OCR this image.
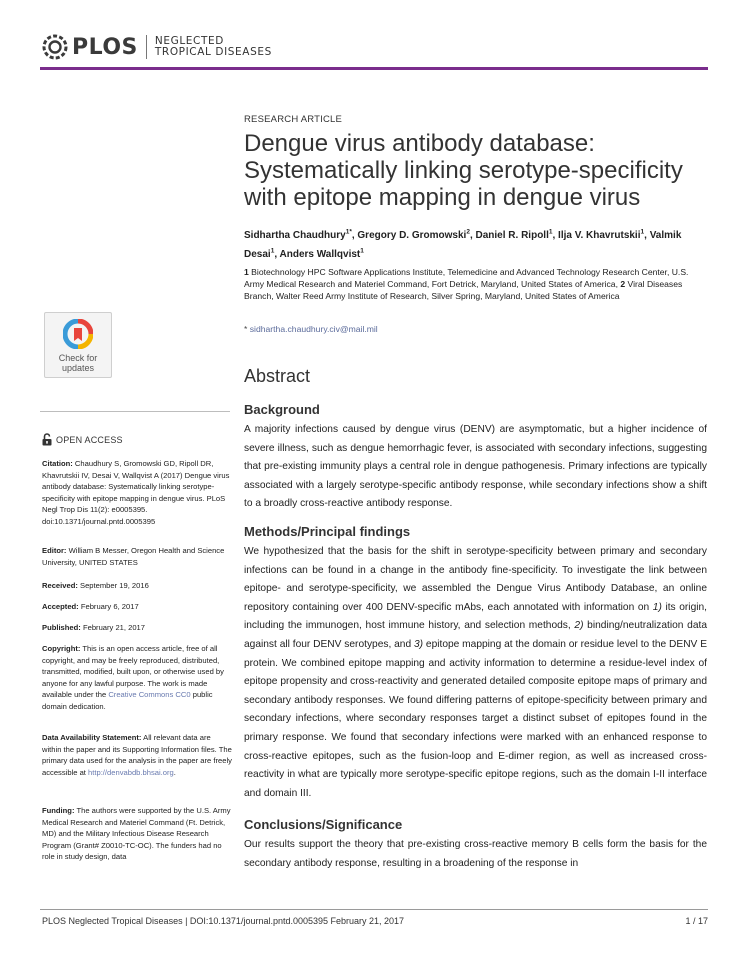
PLOS NEGLECTED
TROPICAL DISEASES
RESEARCH ARTICLE
Dengue virus antibody database: Systematically linking serotype-specificity with epitope mapping in dengue virus
Sidhartha Chaudhury$^{1*}$, Gregory D. Gromowski$^2$, Daniel R. Ripoll$^1$, Ilja V. Khavrutskii$^1$, Valmik Desai$^1$, Anders Wallqvist$^1$
1 Biotechnology HPC Software Applications Institute, Telemedicine and Advanced Technology Research Center, U.S. Army Medical Research and Materiel Command, Fort Detrick, Maryland, United States of America, 2 Viral Diseases Branch, Walter Reed Army Institute of Research, Silver Spring, Maryland, United States of America
* sidhartha.chaudhury.civ@mail.mil
Abstract
Background
A majority infections caused by dengue virus (DENV) are asymptomatic, but a higher incidence of severe illness, such as dengue hemorrhagic fever, is associated with secondary infections, suggesting that pre-existing immunity plays a central role in dengue pathogenesis. Primary infections are typically associated with a largely serotype-specific antibody response, while secondary infections show a shift to a broadly cross-reactive antibody response.
Methods/Principal findings
We hypothesized that the basis for the shift in serotype-specificity between primary and secondary infections can be found in a change in the antibody fine-specificity. To investigate the link between epitope- and serotype-specificity, we assembled the Dengue Virus Antibody Database, an online repository containing over 400 DENV-specific mAbs, each annotated with information on 1) its origin, including the immunogen, host immune history, and selection methods, 2) binding/neutralization data against all four DENV serotypes, and 3) epitope mapping at the domain or residue level to the DENV E protein. We combined epitope mapping and activity information to determine a residue-level index of epitope propensity and cross-reactivity and generated detailed composite epitope maps of primary and secondary antibody responses. We found differing patterns of epitope-specificity between primary and secondary infections, where secondary responses target a distinct subset of epitopes found in the primary response. We found that secondary infections were marked with an enhanced response to cross-reactive epitopes, such as the fusion-loop and E-dimer region, as well as increased cross-reactivity in what are typically more serotype-specific epitope regions, such as the domain I-II interface and domain III.
Conclusions/Significance
Our results support the theory that pre-existing cross-reactive memory B cells form the basis for the secondary antibody response, resulting in a broadening of the response in
Check for
updates
OPEN ACCESS
Citation: Chaudhury S, Gromowski GD, Ripoll DR, Khavrutskii IV, Desai V, Wallqvist A (2017) Dengue virus antibody database: Systematically linking serotype-specificity with epitope mapping in dengue virus. PLoS Negl Trop Dis 11(2): e0005395. doi:10.1371/journal.pntd.0005395
Editor: William B Messer, Oregon Health and Science University, UNITED STATES
Received: September 19, 2016
Accepted: February 6, 2017
Published: February 21, 2017
Copyright: This is an open access article, free of all copyright, and may be freely reproduced, distributed, transmitted, modified, built upon, or otherwise used by anyone for any lawful purpose. The work is made available under the Creative Commons CC0 public domain dedication.
Data Availability Statement: All relevant data are within the paper and its Supporting Information files. The primary data used for the analysis in the paper are freely accessible at http://denvabdb.bhsai.org.
Funding: The authors were supported by the U.S. Army Medical Research and Materiel Command (Ft. Detrick, MD) and the Military Infectious Disease Research Program (Grant# Z0010-TC-OC). The funders had no role in study design, data
PLOS Neglected Tropical Diseases | DOI:10.1371/journal.pntd.0005395 February 21, 2017	1 / 17
